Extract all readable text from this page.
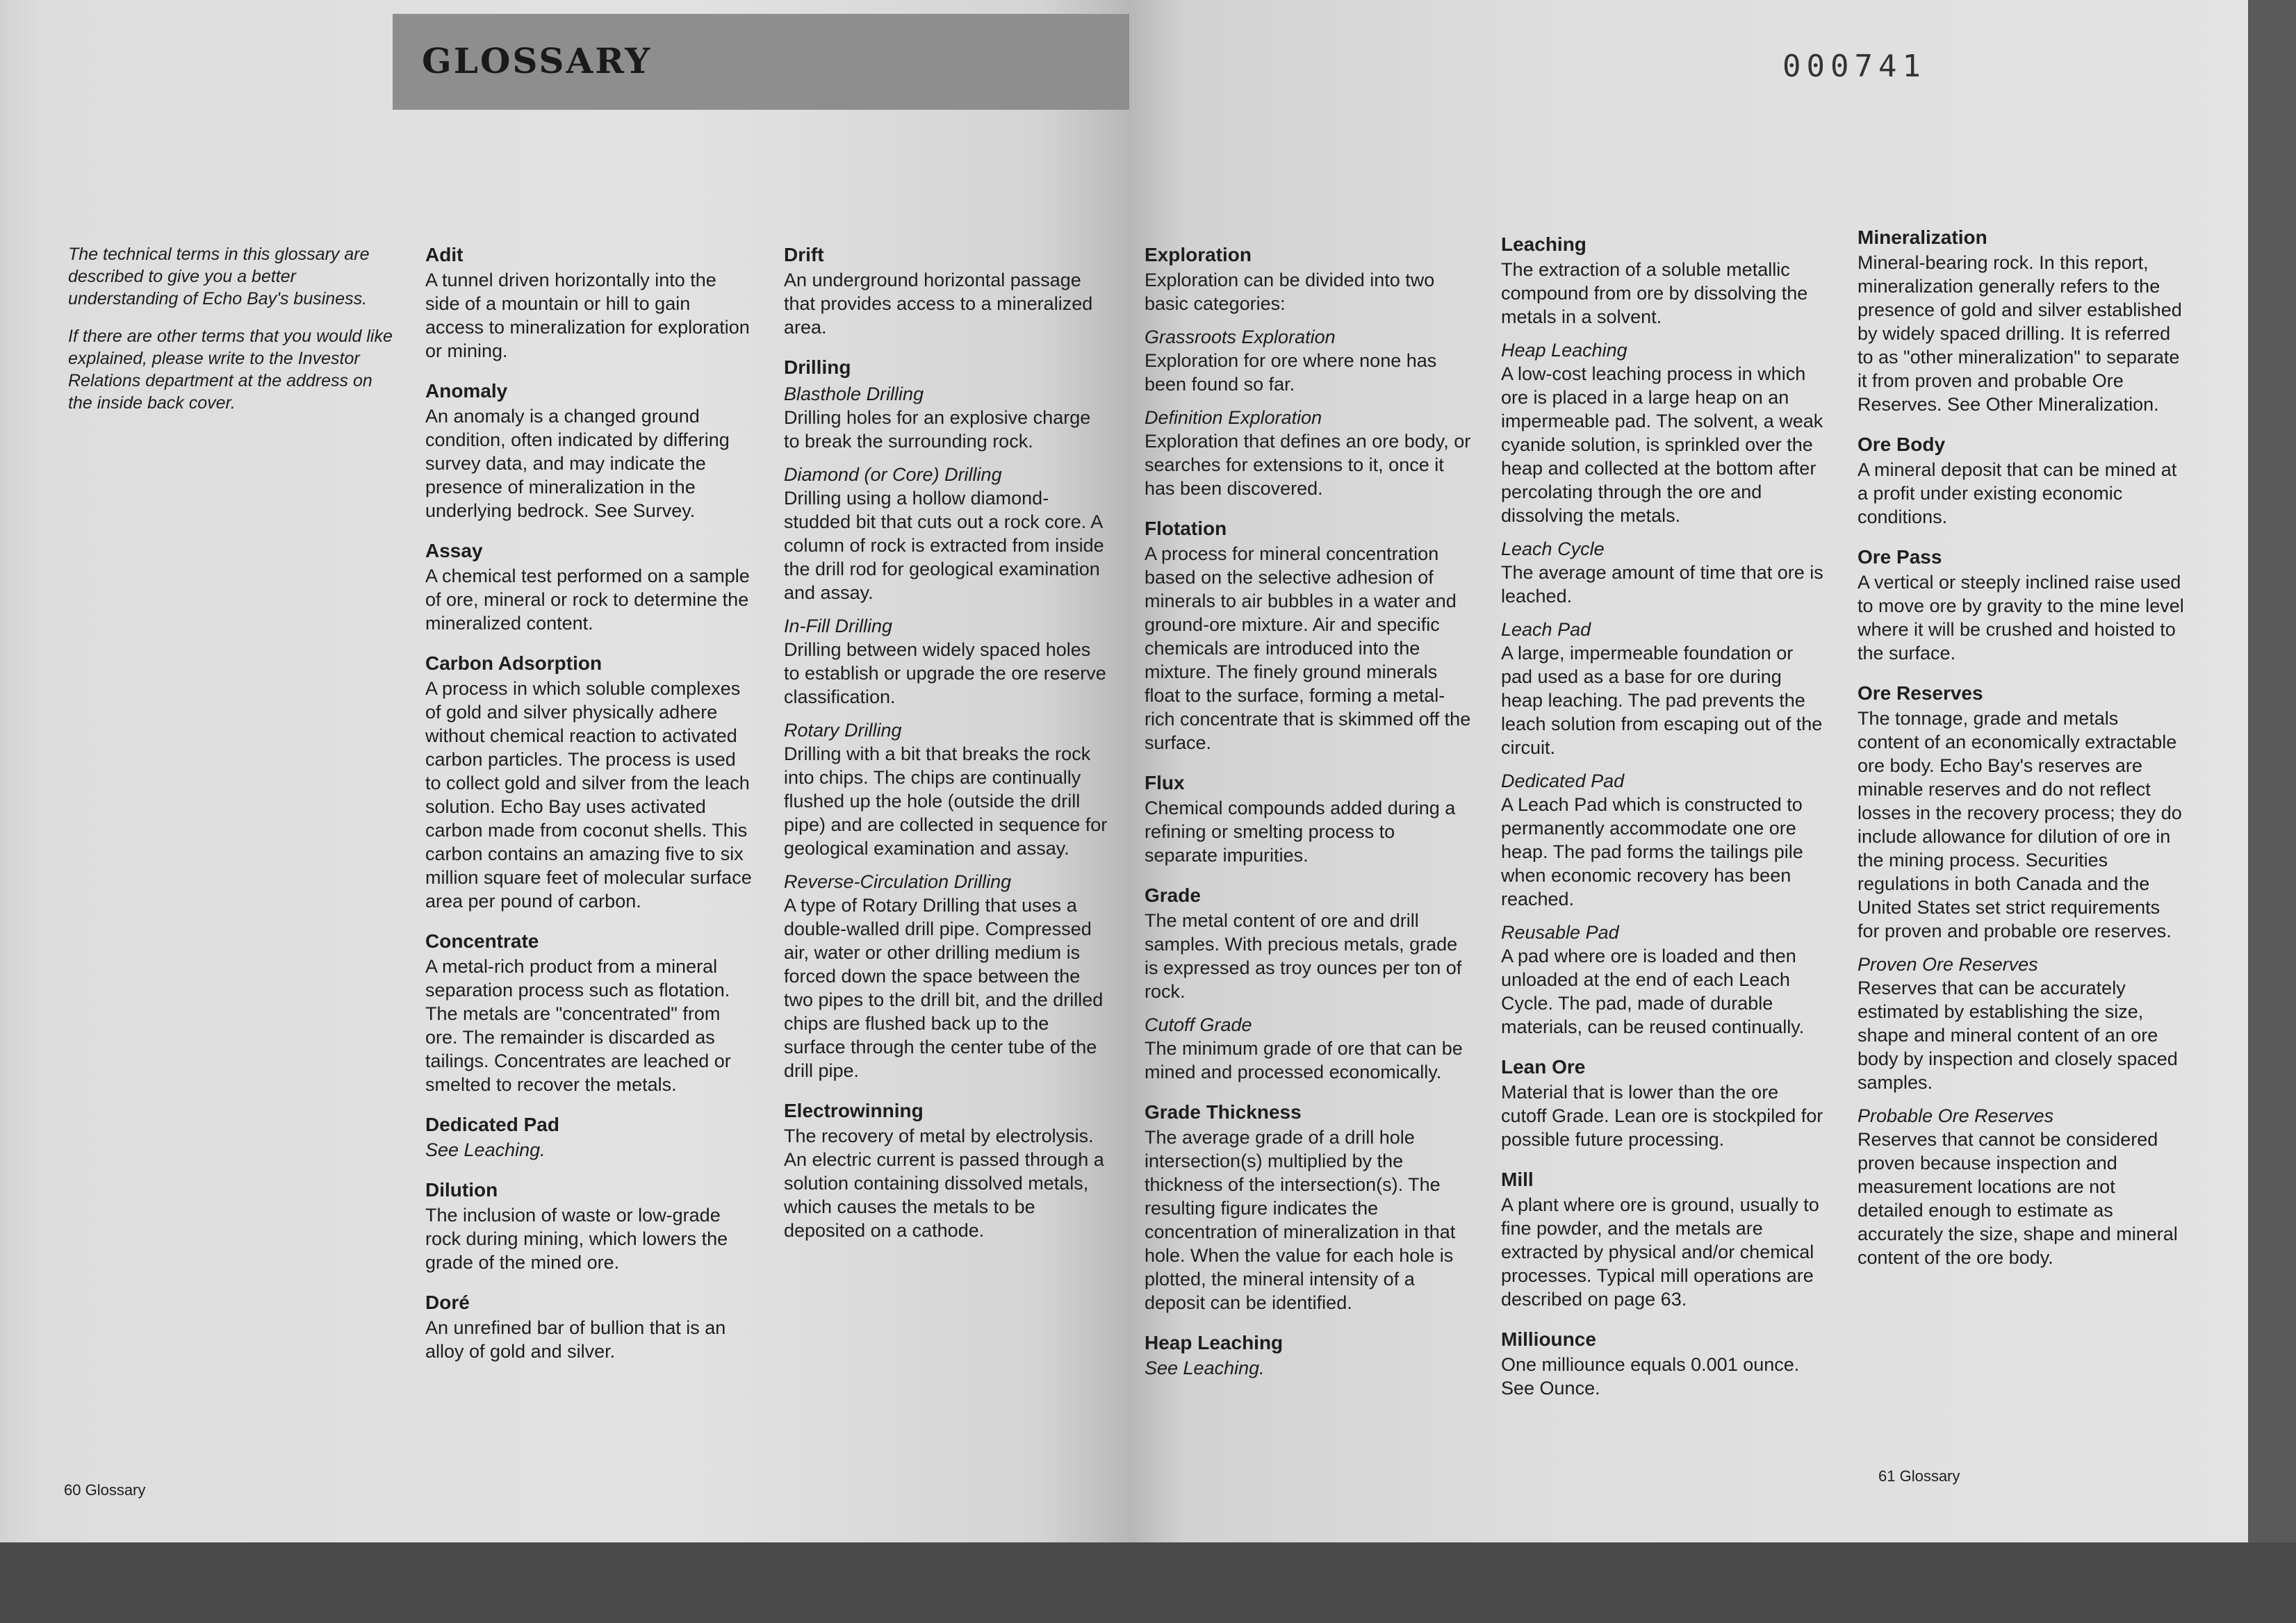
GLOSSARY

The technical terms in this glossary are described to give you a better understanding of Echo Bay's business.

If there are other terms that you would like explained, please write to the Investor Relations department at the address on the inside back cover.

Adit

A tunnel driven horizontally into the side of a mountain or hill to gain access to mineralization for exploration or mining.

Anomaly

An anomaly is a changed ground condition, often indicated by differing survey data, and may indicate the presence of mineralization in the underlying bedrock. See Survey.

Assay

A chemical test performed on a sample of ore, mineral or rock to determine the mineralized content.

Carbon Adsorption

A process in which soluble complexes of gold and silver physically adhere without chemical reaction to activated carbon particles. The process is used to collect gold and silver from the leach solution. Echo Bay uses activated carbon made from coconut shells. This carbon contains an amazing five to six million square feet of molecular surface area per pound of carbon.

Concentrate

A metal-rich product from a mineral separation process such as flotation. The metals are "concentrated" from ore. The remainder is discarded as tailings. Concentrates are leached or smelted to recover the metals.

Dedicated Pad

See Leaching.

Dilution

The inclusion of waste or low-grade rock during mining, which lowers the grade of the mined ore.

Doré

An unrefined bar of bullion that is an alloy of gold and silver.

Drift

An underground horizontal passage that provides access to a mineralized area.

Drilling
Blasthole Drilling

Drilling holes for an explosive charge to break the surrounding rock.

Diamond (or Core) Drilling

Drilling using a hollow diamond-studded bit that cuts out a rock core. A column of rock is extracted from inside the drill rod for geological examination and assay.

In-Fill Drilling

Drilling between widely spaced holes to establish or upgrade the ore reserve classification.

Rotary Drilling

Drilling with a bit that breaks the rock into chips. The chips are continually flushed up the hole (outside the drill pipe) and are collected in sequence for geological examination and assay.

Reverse-Circulation Drilling

A type of Rotary Drilling that uses a double-walled drill pipe. Compressed air, water or other drilling medium is forced down the space between the two pipes to the drill bit, and the drilled chips are flushed back up to the surface through the center tube of the drill pipe.

Electrowinning

The recovery of metal by electrolysis. An electric current is passed through a solution containing dissolved metals, which causes the metals to be deposited on a cathode.

60 Glossary
Exploration

Exploration can be divided into two basic categories:

Grassroots Exploration

Exploration for ore where none has been found so far.

Definition Exploration

Exploration that defines an ore body, or searches for extensions to it, once it has been discovered.

Flotation

A process for mineral concentration based on the selective adhesion of minerals to air bubbles in a water and ground-ore mixture. Air and specific chemicals are introduced into the mixture. The finely ground minerals float to the surface, forming a metal-rich concentrate that is skimmed off the surface.

Flux

Chemical compounds added during a refining or smelting process to separate impurities.

Grade

The metal content of ore and drill samples. With precious metals, grade is expressed as troy ounces per ton of rock.

Cutoff Grade

The minimum grade of ore that can be mined and processed economically.

Grade Thickness

The average grade of a drill hole intersection(s) multiplied by the thickness of the intersection(s). The resulting figure indicates the concentration of mineralization in that hole. When the value for each hole is plotted, the mineral intensity of a deposit can be identified.

Heap Leaching

See Leaching.

Leaching

The extraction of a soluble metallic compound from ore by dissolving the metals in a solvent.

Heap Leaching

A low-cost leaching process in which ore is placed in a large heap on an impermeable pad. The solvent, a weak cyanide solution, is sprinkled over the heap and collected at the bottom after percolating through the ore and dissolving the metals.

Leach Cycle

The average amount of time that ore is leached.

Leach Pad

A large, impermeable foundation or pad used as a base for ore during heap leaching. The pad prevents the leach solution from escaping out of the circuit.

Dedicated Pad

A Leach Pad which is constructed to permanently accommodate one ore heap. The pad forms the tailings pile when economic recovery has been reached.

Reusable Pad

A pad where ore is loaded and then unloaded at the end of each Leach Cycle. The pad, made of durable materials, can be reused continually.

Lean Ore

Material that is lower than the ore cutoff Grade. Lean ore is stockpiled for possible future processing.

Mill

A plant where ore is ground, usually to fine powder, and the metals are extracted by physical and/or chemical processes. Typical mill operations are described on page 63.

Milliounce

One milliounce equals 0.001 ounce. See Ounce.

Mineralization

Mineral-bearing rock. In this report, mineralization generally refers to the presence of gold and silver established by widely spaced drilling. It is referred to as "other mineralization" to separate it from proven and probable Ore Reserves. See Other Mineralization.

Ore Body

A mineral deposit that can be mined at a profit under existing economic conditions.

Ore Pass

A vertical or steeply inclined raise used to move ore by gravity to the mine level where it will be crushed and hoisted to the surface.

Ore Reserves

The tonnage, grade and metals content of an economically extractable ore body. Echo Bay's reserves are minable reserves and do not reflect losses in the recovery process; they do include allowance for dilution of ore in the mining process. Securities regulations in both Canada and the United States set strict requirements for proven and probable ore reserves.

Proven Ore Reserves

Reserves that can be accurately estimated by establishing the size, shape and mineral content of an ore body by inspection and closely spaced samples.

Probable Ore Reserves

Reserves that cannot be considered proven because inspection and measurement locations are not detailed enough to estimate as accurately the size, shape and mineral content of the ore body.

61 Glossary
000741
